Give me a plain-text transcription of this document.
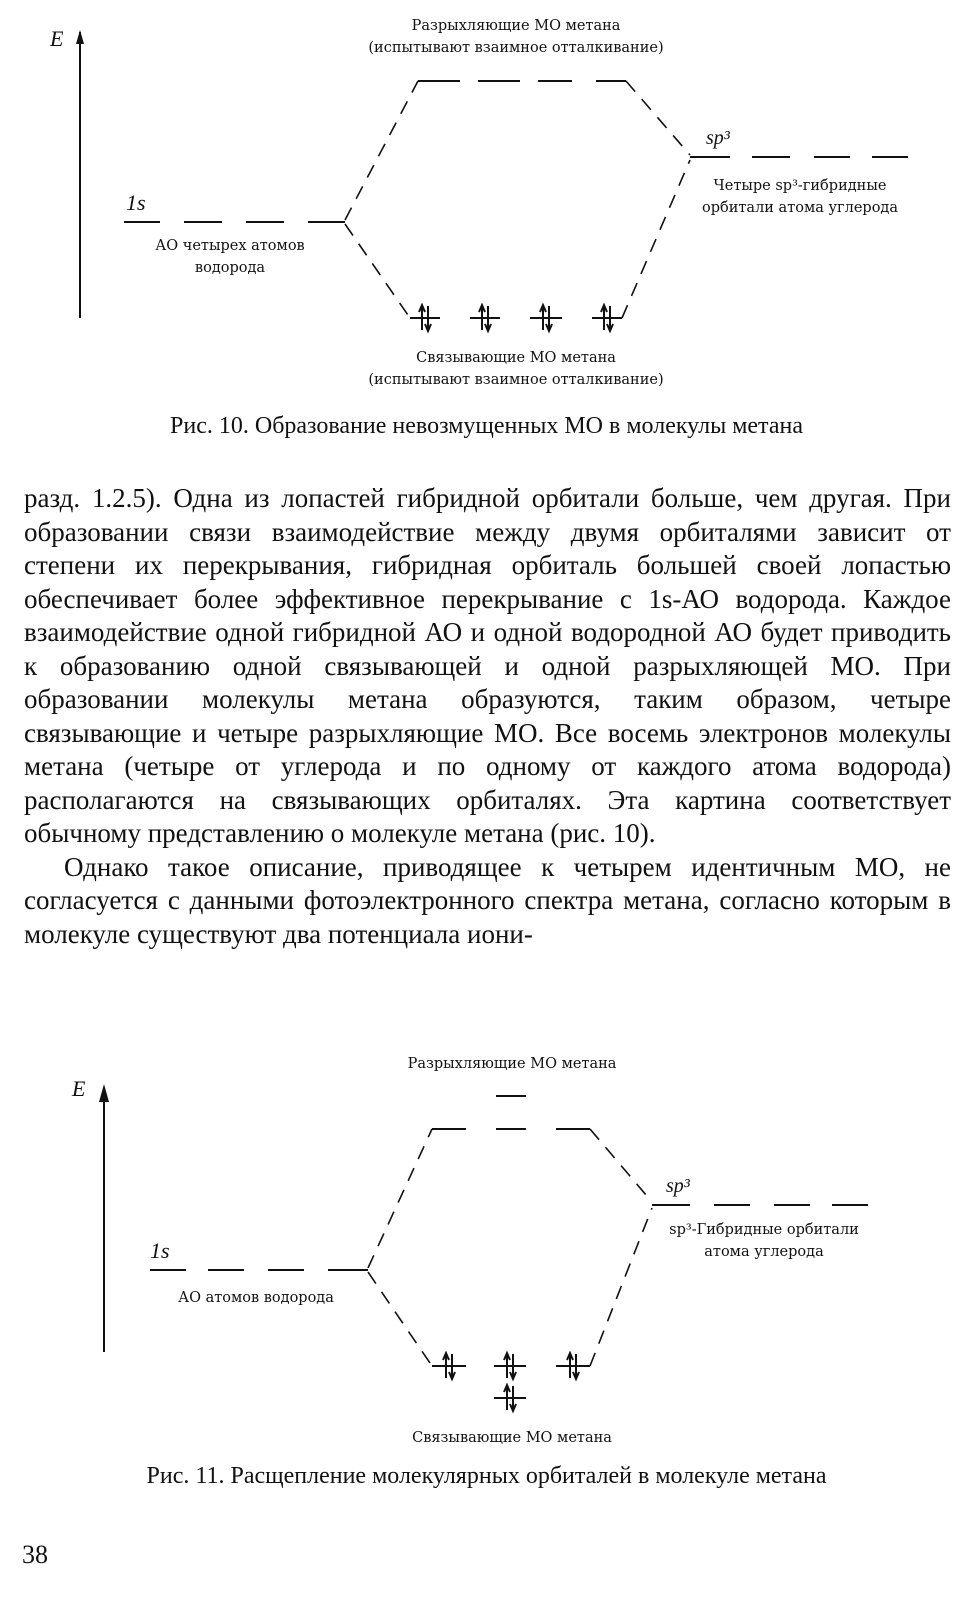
E	Разрыхляющие МО метана
(испытывают взаимное отталкивание)
1s
АО четырех атомов
водорода
sp³
Четыре sp³-гибридные
орбитали атома углерода
Связывающие МО метана
(испытывают взаимное отталкивание)

Рис. 10. Образование невозмущенных МО в молекулы метана

разд. 1.2.5). Одна из лопастей гибридной орбитали больше, чем другая. При образовании связи взаимодействие между двумя орбиталями зависит от степени их перекрывания, гибридная орбиталь большей своей лопастью обеспечивает более эффективное перекрывание с 1s-АО водорода. Каждое взаимодействие одной гибридной АО и одной водородной АО будет приводить к образованию одной связывающей и одной разрыхляющей МО. При образовании молекулы метана образуются, таким образом, четыре связывающие и четыре разрыхляющие МО. Все восемь электронов молекулы метана (четыре от углерода и по одному от каждого атома водорода) располагаются на связывающих орбиталях. Эта картина соответствует обычному представлению о молекуле метана (рис. 10).

Однако такое описание, приводящее к четырем идентичным МО, не согласуется с данными фотоэлектронного спектра метана, согласно которым в молекуле существуют два потенциала иони-

E
Разрыхляющие МО метана
1s
АО атомов водорода
sp³
sp³-Гибридные орбитали
атома углерода
Связывающие МО метана

Рис. 11. Расщепление молекулярных орбиталей в молекуле метана

38
